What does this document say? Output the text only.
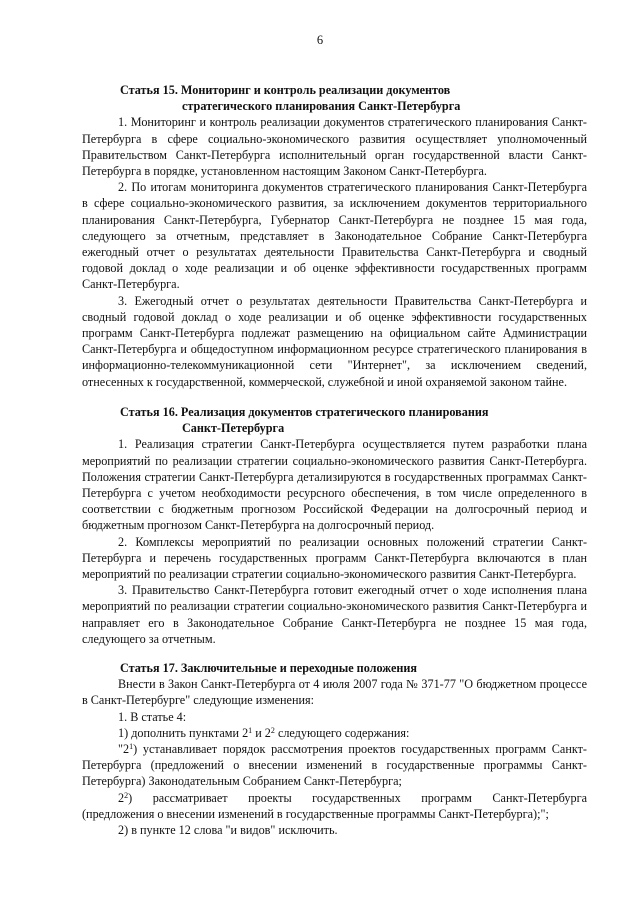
6

Статья 15. Мониторинг и контроль реализации документов
стратегического планирования Санкт-Петербурга

1. Мониторинг и контроль реализации документов стратегического планирования Санкт-Петербурга в сфере социально-экономического развития осуществляет уполномоченный Правительством Санкт-Петербурга исполнительный орган государственной власти Санкт-Петербурга в порядке, установленном настоящим Законом Санкт-Петербурга.

2. По итогам мониторинга документов стратегического планирования Санкт-Петербурга в сфере социально-экономического развития, за исключением документов территориального планирования Санкт-Петербурга, Губернатор Санкт-Петербурга не позднее 15 мая года, следующего за отчетным, представляет в Законодательное Собрание Санкт-Петербурга ежегодный отчет о результатах деятельности Правительства Санкт-Петербурга и сводный годовой доклад о ходе реализации и об оценке эффективности государственных программ Санкт-Петербурга.

3. Ежегодный отчет о результатах деятельности Правительства Санкт-Петербурга и сводный годовой доклад о ходе реализации и об оценке эффективности государственных программ Санкт-Петербурга подлежат размещению на официальном сайте Администрации Санкт-Петербурга и общедоступном информационном ресурсе стратегического планирования в информационно-телекоммуникационной сети "Интернет", за исключением сведений, отнесенных к государственной, коммерческой, служебной и иной охраняемой законом тайне.

Статья 16. Реализация документов стратегического планирования
Санкт-Петербурга

1. Реализация стратегии Санкт-Петербурга осуществляется путем разработки плана мероприятий по реализации стратегии социально-экономического развития Санкт-Петербурга. Положения стратегии Санкт-Петербурга детализируются в государственных программах Санкт-Петербурга с учетом необходимости ресурсного обеспечения, в том числе определенного в соответствии с бюджетным прогнозом Российской Федерации на долгосрочный период и бюджетным прогнозом Санкт-Петербурга на долгосрочный период.

2. Комплексы мероприятий по реализации основных положений стратегии Санкт-Петербурга и перечень государственных программ Санкт-Петербурга включаются в план мероприятий по реализации стратегии социально-экономического развития Санкт-Петербурга.

3. Правительство Санкт-Петербурга готовит ежегодный отчет о ходе исполнения плана мероприятий по реализации стратегии социально-экономического развития Санкт-Петербурга и направляет его в Законодательное Собрание Санкт-Петербурга не позднее 15 мая года, следующего за отчетным.

Статья 17. Заключительные и переходные положения

Внести в Закон Санкт-Петербурга от 4 июля 2007 года № 371-77 "О бюджетном процессе в Санкт-Петербурге" следующие изменения:

1. В статье 4:

1) дополнить пунктами $2^1$ и $2^2$ следующего содержания:

"$2^1$) устанавливает порядок рассмотрения проектов государственных программ Санкт-Петербурга (предложений о внесении изменений в государственные программы Санкт-Петербурга) Законодательным Собранием Санкт-Петербурга;

$2^2$) рассматривает проекты государственных программ Санкт-Петербурга

(предложения о внесении изменений в государственные программы Санкт-Петербурга);";

2) в пункте 12 слова "и видов" исключить.
